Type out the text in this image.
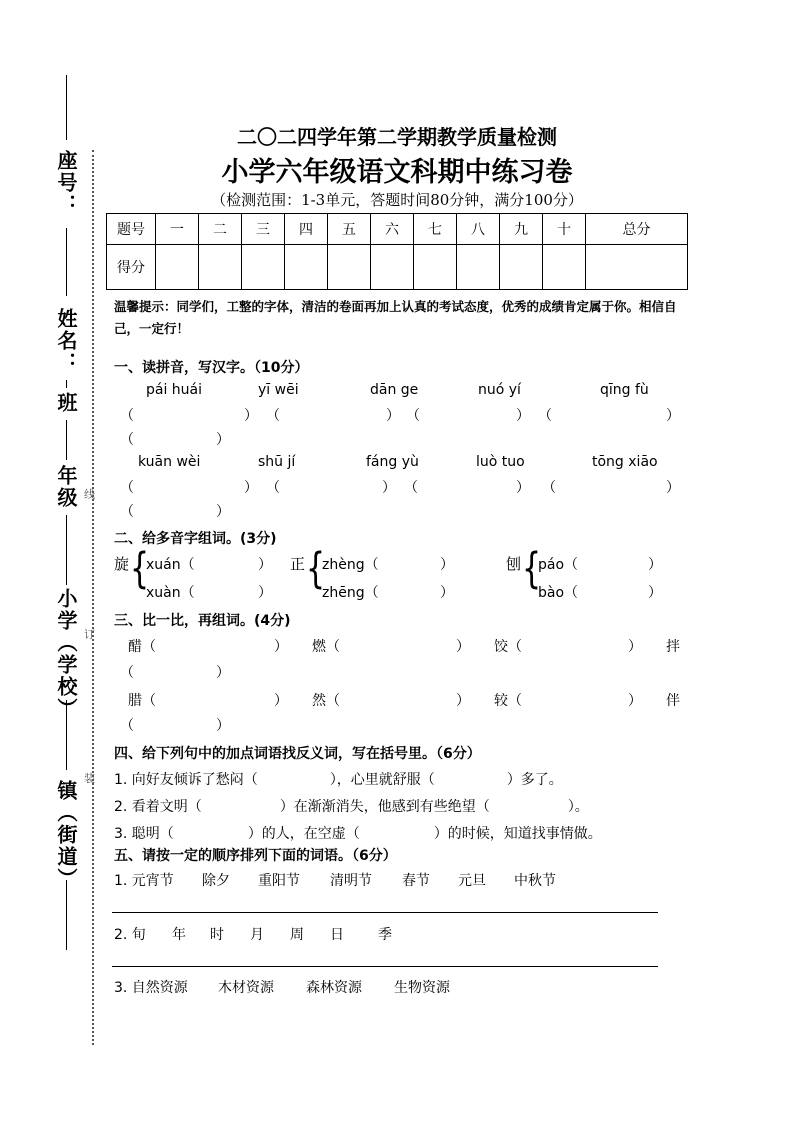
座号：
姓名：
班
年级
小学（学校）
镇（街道）
线
订
装
二〇二四学年第二学期教学质量检测
小学六年级语文科期中练习卷
（检测范围：1-3单元，答题时间80分钟，满分100分）
题号	一	二	三	四	五	六	七	八	九	十	总分
得分											
温馨提示：同学们，工整的字体，清洁的卷面再加上认真的考试态度，优秀的成绩肯定属于你。相信自己，一定行！
一、读拼音，写汉字。（10分）
pái huái	yī wēi	dān ge	nuó yí	qīng fù
（	） （	） （	） （	）
（	）
kuān wèi	shū jí	fáng yù	luò tuo	tōng xiāo
（	） （	） （	） （	）
（	）
二、给多音字组词。(3分)
旋 {
xuán（	）
xuàn（	）
正 {
zhèng（	）
zhēng（	）
刨 {
páo（	）
bào（	）
三、比一比，再组词。(4分)
醋（	） 燃（	） 饺（	） 拌
（	）
腊（	） 然（	） 较（	） 伴
（	）
四、给下列句中的加点词语找反义词，写在括号里。（6分）
1. 向好友倾诉了愁闷（	），心里就舒服（	）多了。
2. 看着文明（	）在渐渐消失，他感到有些绝望（	）。
3. 聪明（	）的人，在空虚（	）的时候，知道找事情做。
五、请按一定的顺序排列下面的词语。（6分）
1. 元宵节 除夕 重阳节 清明节 春节 元旦 中秋节
2. 旬 年 时 月 周 日 季
3. 自然资源 木材资源 森林资源 生物资源
